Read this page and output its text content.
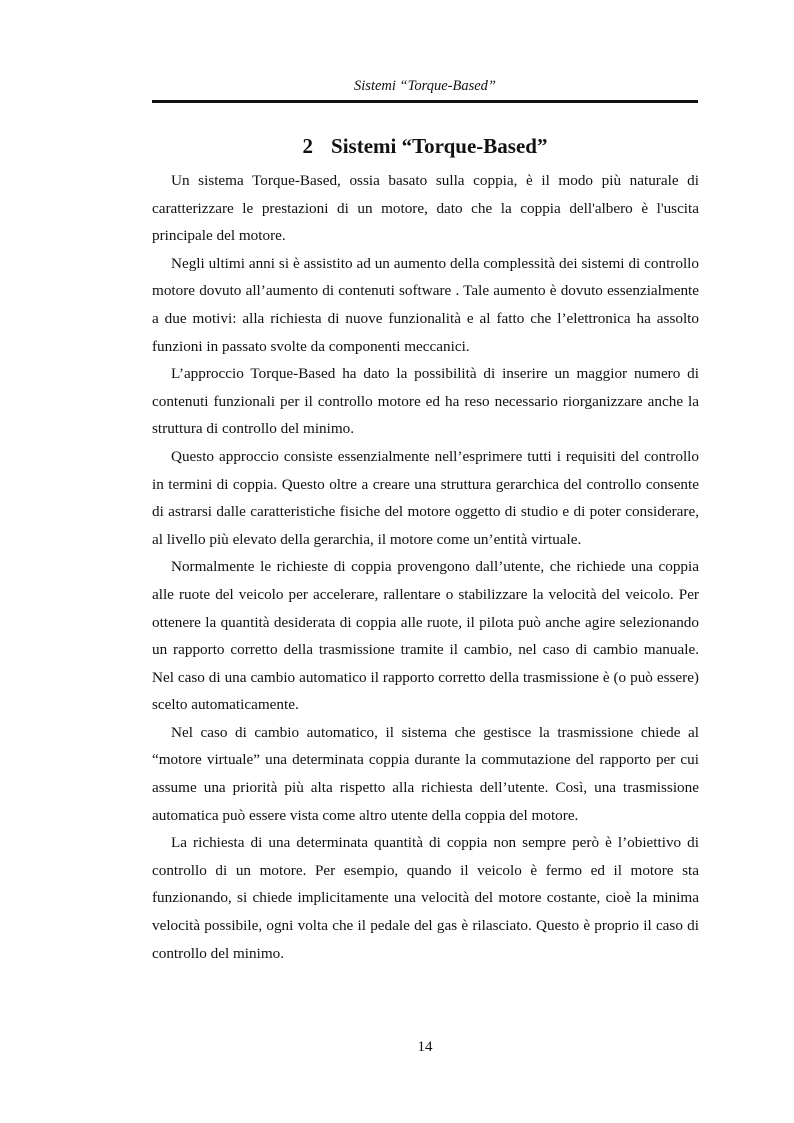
Sistemi “Torque-Based”
2 Sistemi “Torque-Based”

Un sistema Torque-Based, ossia basato sulla coppia, è il modo più naturale di caratterizzare le prestazioni di un motore, dato che la coppia dell'albero è l'uscita principale del motore.

Negli ultimi anni si è assistito ad un aumento della complessità dei sistemi di controllo motore dovuto all’aumento di contenuti software . Tale aumento è dovuto essenzialmente a due motivi: alla richiesta di nuove funzionalità e al fatto che l’elettronica ha assolto funzioni in passato svolte da componenti meccanici.

L’approccio Torque-Based ha dato la possibilità di inserire un maggior numero di contenuti funzionali per il controllo motore ed ha reso necessario riorganizzare anche la struttura di controllo del minimo.

Questo approccio consiste essenzialmente nell’esprimere tutti i requisiti del controllo in termini di coppia. Questo oltre a creare una struttura gerarchica del controllo consente di astrarsi dalle caratteristiche fisiche del motore oggetto di studio e di poter considerare, al livello più elevato della gerarchia, il motore come un’entità virtuale.

Normalmente le richieste di coppia provengono dall’utente, che richiede una coppia alle ruote del veicolo per accelerare, rallentare o stabilizzare la velocità del veicolo. Per ottenere la quantità desiderata di coppia alle ruote, il pilota può anche agire selezionando un rapporto corretto della trasmissione tramite il cambio, nel caso di cambio manuale. Nel caso di una cambio automatico il rapporto corretto della trasmissione è (o può essere) scelto automaticamente.

Nel caso di cambio automatico, il sistema che gestisce la trasmissione chiede al “motore virtuale” una determinata coppia durante la commutazione del rapporto per cui assume una priorità più alta rispetto alla richiesta dell’utente. Così, una trasmissione automatica può essere vista come altro utente della coppia del motore.

La richiesta di una determinata quantità di coppia non sempre però è l’obiettivo di controllo di un motore. Per esempio, quando il veicolo è fermo ed il motore sta funzionando, si chiede implicitamente una velocità del motore costante, cioè la minima velocità possibile, ogni volta che il pedale del gas è rilasciato. Questo è proprio il caso di controllo del minimo.

14
